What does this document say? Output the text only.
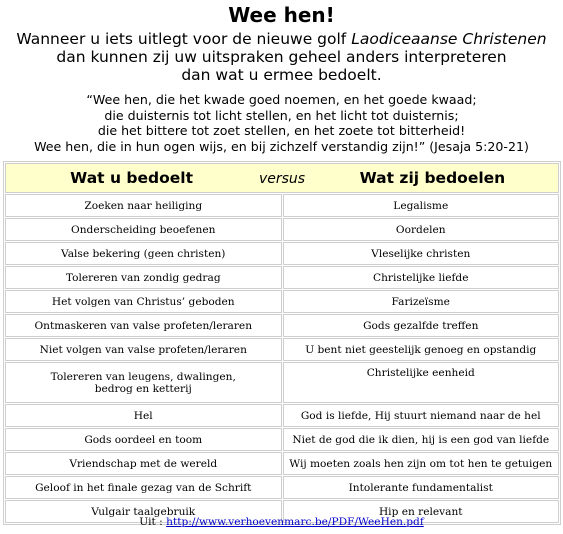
Wee hen!
Wanneer u iets uitlegt voor de nieuwe golf Laodiceaanse Christenen
dan kunnen zij uw uitspraken geheel anders interpreteren
dan wat u ermee bedoelt.
“Wee hen, die het kwade goed noemen, en het goede kwaad;
die duisternis tot licht stellen, en het licht tot duisternis;
die het bittere tot zoet stellen, en het zoete tot bitterheid!
Wee hen, die in hun ogen wijs, en bij zichzelf verstandig zijn!” (Jesaja 5:20-21)
Wat u bedoelt versus Wat zij bedoelen	
Zoeken naar heiliging	Legalisme
Onderscheiding beoefenen	Oordelen
Valse bekering (geen christen)	Vleselijke christen
Tolereren van zondig gedrag	Christelijke liefde
Het volgen van Christus’ geboden	Farizeïsme
Ontmaskeren van valse profeten/leraren	Gods gezalfde treffen
Niet volgen van valse profeten/leraren	U bent niet geestelijk genoeg en opstandig
Tolereren van leugens, dwalingen,
bedrog en ketterij	Christelijke eenheid
Hel	God is liefde, Hij stuurt niemand naar de hel
Gods oordeel en toom	Niet de god die ik dien, hij is een god van liefde
Vriendschap met de wereld	Wij moeten zoals hen zijn om tot hen te getuigen
Geloof in het finale gezag van de Schrift	Intolerante fundamentalist
Vulgair taalgebruik	Hip en relevant
Uit : http://www.verhoevenmarc.be/PDF/WeeHen.pdf
